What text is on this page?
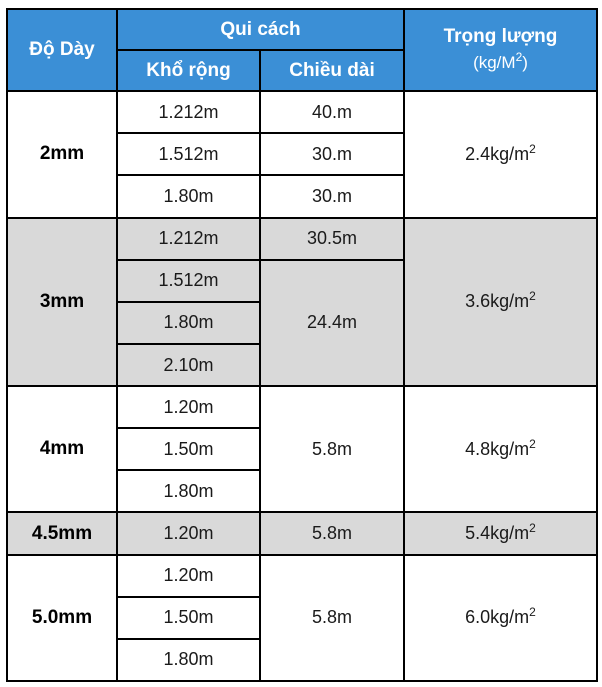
Độ Dày	Qui cách		Trọng lượng
$(kg/M^2)$
	Khổ rộng	Chiều dài	
2mm	1.212m	40.m	$2.4kg/m^2$
	1.512m	30.m	
	1.80m	30.m	
3mm	1.212m	30.5m	$3.6kg/m^2$
	1.512m	24.4m	
	1.80m		
	2.10m		
4mm	1.20m	5.8m	$4.8kg/m^2$
	1.50m		
	1.80m		
4.5mm	1.20m	5.8m	$5.4kg/m^2$
5.0mm	1.20m	5.8m	$6.0kg/m^2$
	1.50m		
	1.80m		
